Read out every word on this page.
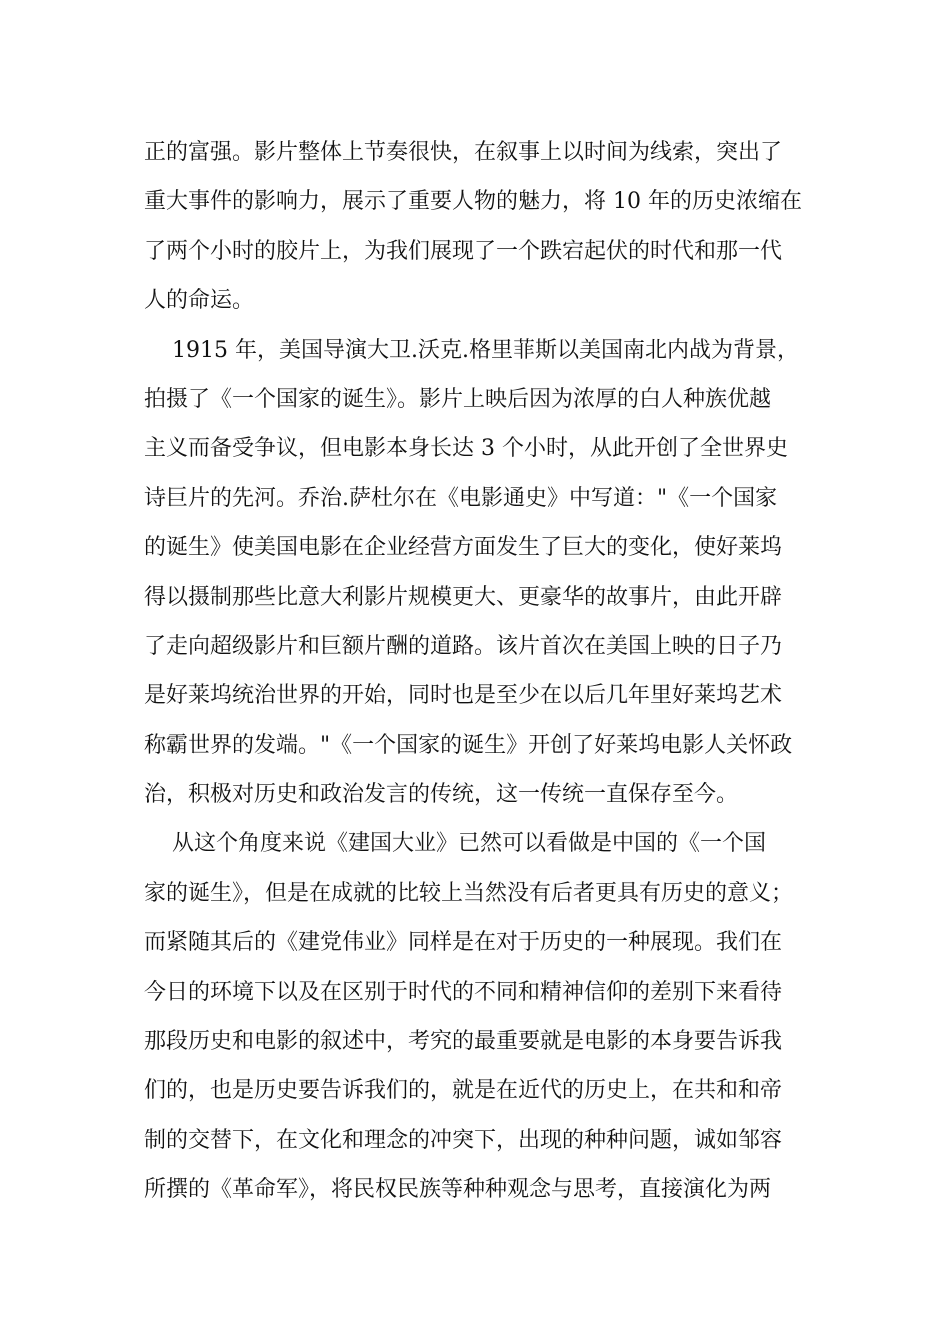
正的富强。影片整体上节奏很快，在叙事上以时间为线索，突出了
重大事件的影响力，展示了重要人物的魅力，将 10 年的历史浓缩在
了两个小时的胶片上，为我们展现了一个跌宕起伏的时代和那一代
人的命运。
1915 年，美国导演大卫.沃克.格里菲斯以美国南北内战为背景，
拍摄了《一个国家的诞生》。影片上映后因为浓厚的白人种族优越
主义而备受争议，但电影本身长达 3 个小时，从此开创了全世界史
诗巨片的先河。乔治.萨杜尔在《电影通史》中写道："《一个国家
的诞生》使美国电影在企业经营方面发生了巨大的变化，使好莱坞
得以摄制那些比意大利影片规模更大、更豪华的故事片，由此开辟
了走向超级影片和巨额片酬的道路。该片首次在美国上映的日子乃
是好莱坞统治世界的开始，同时也是至少在以后几年里好莱坞艺术
称霸世界的发端。"《一个国家的诞生》开创了好莱坞电影人关怀政
治，积极对历史和政治发言的传统，这一传统一直保存至今。
从这个角度来说《建国大业》已然可以看做是中国的《一个国
家的诞生》，但是在成就的比较上当然没有后者更具有历史的意义；
而紧随其后的《建党伟业》同样是在对于历史的一种展现。我们在
今日的环境下以及在区别于时代的不同和精神信仰的差别下来看待
那段历史和电影的叙述中，考究的最重要就是电影的本身要告诉我
们的，也是历史要告诉我们的，就是在近代的历史上，在共和和帝
制的交替下，在文化和理念的冲突下，出现的种种问题，诚如邹容
所撰的《革命军》，将民权民族等种种观念与思考，直接演化为两
